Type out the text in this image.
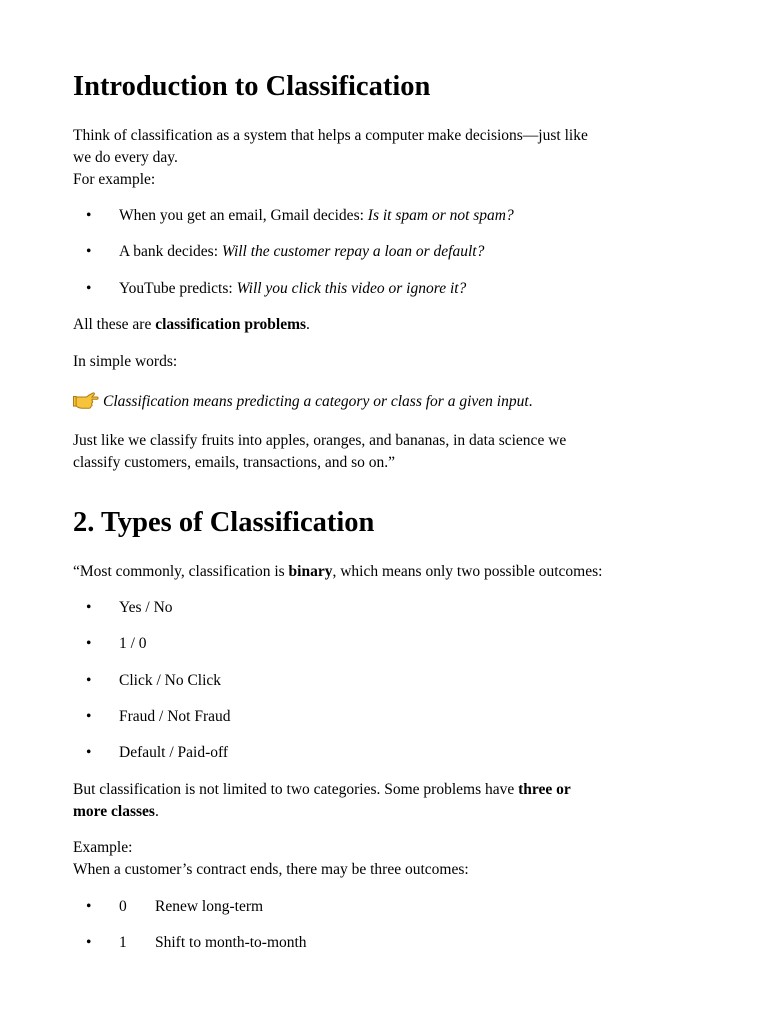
Introduction to Classification
Think of classification as a system that helps a computer make decisions—just like
we do every day.
For example:
• When you get an email, Gmail decides: Is it spam or not spam?
• A bank decides: Will the customer repay a loan or default?
• YouTube predicts: Will you click this video or ignore it?
All these are classification problems.
In simple words:
Classification means predicting a category or class for a given input.
Just like we classify fruits into apples, oranges, and bananas, in data science we
classify customers, emails, transactions, and so on.”
2. Types of Classification
“Most commonly, classification is binary, which means only two possible outcomes:
• Yes / No
• 1 / 0
• Click / No Click
• Fraud / Not Fraud
• Default / Paid-off
But classification is not limited to two categories. Some problems have three or
more classes.
Example:
When a customer’s contract ends, there may be three outcomes:
• 0 Renew long-term
• 1 Shift to month-to-month
